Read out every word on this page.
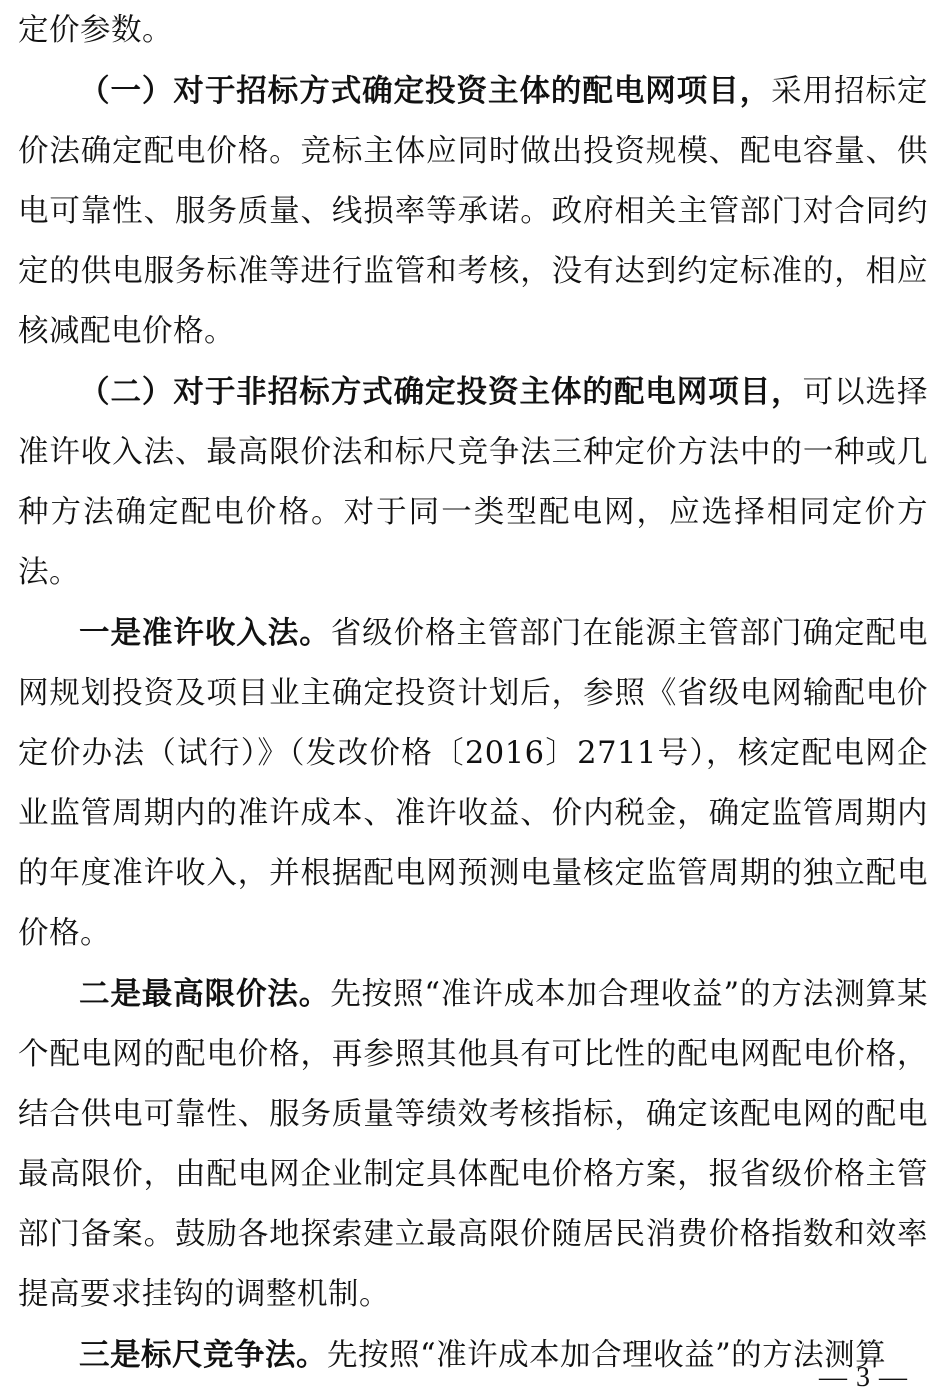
定价参数。

（一）对于招标方式确定投资主体的配电网项目，采用招标定价法确定配电价格。竞标主体应同时做出投资规模、配电容量、供电可靠性、服务质量、线损率等承诺。政府相关主管部门对合同约定的供电服务标准等进行监管和考核，没有达到约定标准的，相应核减配电价格。

（二）对于非招标方式确定投资主体的配电网项目，可以选择准许收入法、最高限价法和标尺竞争法三种定价方法中的一种或几种方法确定配电价格。对于同一类型配电网，应选择相同定价方法。

一是准许收入法。省级价格主管部门在能源主管部门确定配电网规划投资及项目业主确定投资计划后，参照《省级电网输配电价定价办法（试行）》（发改价格〔2016〕2711号），核定配电网企业监管周期内的准许成本、准许收益、价内税金，确定监管周期内的年度准许收入，并根据配电网预测电量核定监管周期的独立配电价格。

二是最高限价法。先按照“准许成本加合理收益”的方法测算某个配电网的配电价格，再参照其他具有可比性的配电网配电价格，结合供电可靠性、服务质量等绩效考核指标，确定该配电网的配电最高限价，由配电网企业制定具体配电价格方案，报省级价格主管部门备案。鼓励各地探索建立最高限价随居民消费价格指数和效率提高要求挂钩的调整机制。

三是标尺竞争法。先按照“准许成本加合理收益”的方法测算

— 3 —
